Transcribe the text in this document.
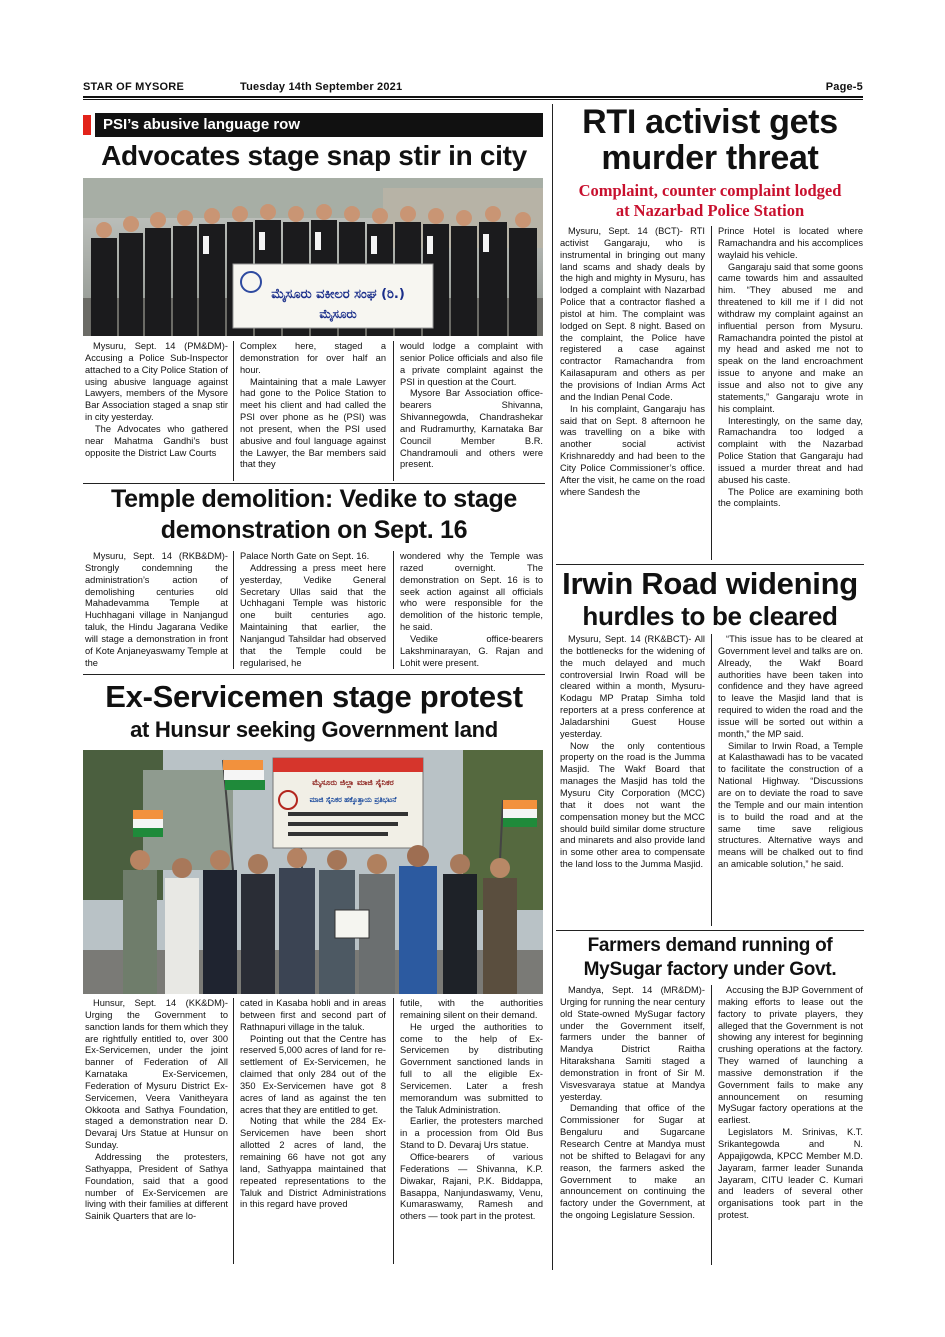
STAR OF MYSORE	Tuesday 14th September 2021	Page-5
PSI’s abusive language row
Advocates stage snap stir in city
ಮೈಸೂರು ವಕೀಲರ ಸಂಘ (ರಿ.)
ಮೈಸೂರು

Mysuru, Sept. 14 (PM&DM)- Accusing a Police Sub-Inspector attached to a City Police Station of using abusive language against Lawyers, members of the Mysore Bar Association staged a snap stir in city yesterday.

The Advocates who gathered near Mahatma Gandhi’s bust opposite the District Law Courts

Complex here, staged a demonstration for over half an hour.

Maintaining that a male Lawyer had gone to the Police Station to meet his client and had called the PSI over phone as he (PSI) was not present, when the PSI used abusive and foul language against the Lawyer, the Bar members said that they

would lodge a complaint with senior Police officials and also file a private complaint against the PSI in question at the Court.

Mysore Bar Association office-bearers Shivanna, Shivannegowda, Chandrashekar and Rudramurthy, Karnataka Bar Council Member B.R. Chandramouli and others were present.

Temple demolition: Vedike to stage
demonstration on Sept. 16

Mysuru, Sept. 14 (RKB&DM)- Strongly condemning the administration’s action of demolishing centuries old Mahadevamma Temple at Huchhagani village in Nanjangud taluk, the Hindu Jagarana Vedike will stage a demonstration in front of Kote Anjaneyaswamy Temple at the

Palace North Gate on Sept. 16.

Addressing a press meet here yesterday, Vedike General Secretary Ullas said that the Uchhagani Temple was historic one built centuries ago. Maintaining that earlier, the Nanjangud Tahsildar had observed that the Temple could be regularised, he

wondered why the Temple was razed overnight. The demonstration on Sept. 16 is to seek action against all officials who were responsible for the demolition of the historic temple, he said.

Vedike office-bearers Lakshminarayan, G. Rajan and Lohit were present.

Ex-Servicemen stage protest
at Hunsur seeking Government land
ಮೈಸೂರು ಜಿಲ್ಲಾ ಮಾಜಿ ಸೈನಿಕರ
ಮಾಜಿ ಸೈನಿಕರ ಹಕ್ಕೊತ್ತಾಯ ಪ್ರತಿಭಟನೆ

Hunsur, Sept. 14 (KK&DM)- Urging the Government to sanction lands for them which they are rightfully entitled to, over 300 Ex-Servicemen, under the joint banner of Federation of All Karnataka Ex-Servicemen, Federation of Mysuru District Ex-Servicemen, Veera Vanitheyara Okkoota and Sathya Foundation, staged a demonstration near D. Devaraj Urs Statue at Hunsur on Sunday.

Addressing the protesters, Sathyappa, President of Sathya Foundation, said that a good number of Ex-Servicemen are living with their families at different Sainik Quarters that are lo-

cated in Kasaba hobli and in areas between first and second part of Rathnapuri village in the taluk.

Pointing out that the Centre has reserved 5,000 acres of land for re-settlement of Ex-Servicemen, he claimed that only 284 out of the 350 Ex-Servicemen have got 8 acres of land as against the ten acres that they are entitled to get.

Noting that while the 284 Ex-Servicemen have been short allotted 2 acres of land, the remaining 66 have not got any land, Sathyappa maintained that repeated representations to the Taluk and District Administrations in this regard have proved

futile, with the authorities remaining silent on their demand.

He urged the authorities to come to the help of Ex-Servicemen by distributing Government sanctioned lands in full to all the eligible Ex-Servicemen. Later a fresh memorandum was submitted to the Taluk Administration.

Earlier, the protesters marched in a procession from Old Bus Stand to D. Devaraj Urs statue.

Office-bearers of various Federations — Shivanna, K.P. Diwakar, Rajani, P.K. Biddappa, Basappa, Nanjundaswamy, Venu, Kumaraswamy, Ramesh and others — took part in the protest.

RTI activist gets
murder threat
Complaint, counter complaint lodged
at Nazarbad Police Station

Mysuru, Sept. 14 (BCT)- RTI activist Gangaraju, who is instrumental in bringing out many land scams and shady deals by the high and mighty in Mysuru, has lodged a complaint with Nazarbad Police that a contractor flashed a pistol at him. The complaint was lodged on Sept. 8 night. Based on the complaint, the Police have registered a case against contractor Ramachandra from Kailasapuram and others as per the provisions of Indian Arms Act and the Indian Penal Code.

In his complaint, Gangaraju has said that on Sept. 8 afternoon he was travelling on a bike with another social activist Krishnareddy and had been to the City Police Commissioner’s office. After the visit, he came on the road where Sandesh the

Prince Hotel is located where Ramachandra and his accomplices waylaid his vehicle.

Gangaraju said that some goons came towards him and assaulted him. “They abused me and threatened to kill me if I did not withdraw my complaint against an influential person from Mysuru. Ramachandra pointed the pistol at my head and asked me not to speak on the land encroachment issue to anyone and make an issue and also not to give any statements,” Gangaraju wrote in his complaint.

Interestingly, on the same day, Ramachandra too lodged a complaint with the Nazarbad Police Station that Gangaraju had issued a murder threat and had abused his caste.

The Police are examining both the complaints.

Irwin Road widening
hurdles to be cleared

Mysuru, Sept. 14 (RK&BCT)- All the bottlenecks for the widening of the much delayed and much controversial Irwin Road will be cleared within a month, Mysuru-Kodagu MP Pratap Simha told reporters at a press conference at Jaladarshini Guest House yesterday.

Now the only contentious property on the road is the Jumma Masjid. The Wakf Board that manages the Masjid has told the Mysuru City Corporation (MCC) that it does not want the compensation money but the MCC should build similar dome structure and minarets and also provide land in some other area to compensate the land loss to the Jumma Masjid.

“This issue has to be cleared at Government level and talks are on. Already, the Wakf Board authorities have been taken into confidence and they have agreed to leave the Masjid land that is required to widen the road and the issue will be sorted out within a month,” the MP said.

Similar to Irwin Road, a Temple at Kalasthawadi has to be vacated to facilitate the construction of a National Highway. “Discussions are on to deviate the road to save the Temple and our main intention is to build the road and at the same time save religious structures. Alternative ways and means will be chalked out to find an amicable solution,” he said.

Farmers demand running of
MySugar factory under Govt.

Mandya, Sept. 14 (MR&DM)- Urging for running the near century old State-owned MySugar factory under the Government itself, farmers under the banner of Mandya District Raitha Hitarakshana Samiti staged a demonstration in front of Sir M. Visvesvaraya statue at Mandya yesterday.

Demanding that office of the Commissioner for Sugar at Bengaluru and Sugarcane Research Centre at Mandya must not be shifted to Belagavi for any reason, the farmers asked the Government to make an announcement on continuing the factory under the Government, at the ongoing Legislature Session.

Accusing the BJP Government of making efforts to lease out the factory to private players, they alleged that the Government is not showing any interest for beginning crushing operations at the factory. They warned of launching a massive demonstration if the Government fails to make any announcement on resuming MySugar factory operations at the earliest.

Legislators M. Srinivas, K.T. Srikantegowda and N. Appajigowda, KPCC Member M.D. Jayaram, farmer leader Sunanda Jayaram, CITU leader C. Kumari and leaders of several other organisations took part in the protest.
